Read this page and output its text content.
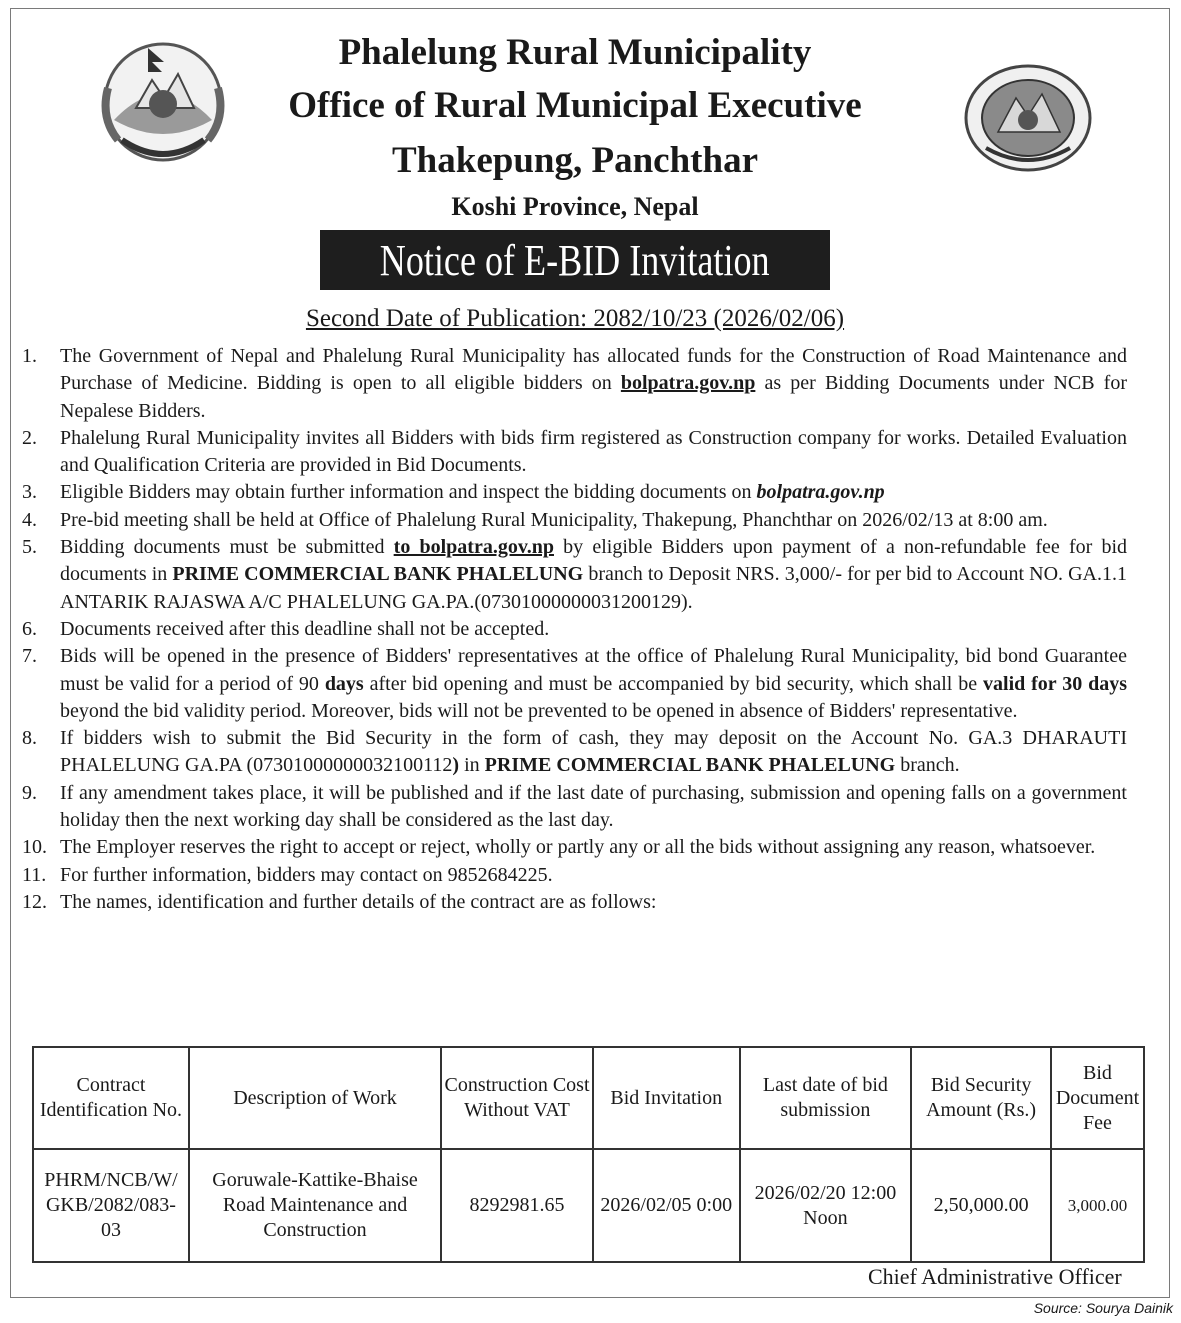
Phalelung Rural Municipality

Office of Rural Municipal Executive

Thakepung, Panchthar

Koshi Province, Nepal

Notice of E-BID Invitation
Second Date of Publication: 2082/10/23 (2026/02/06)
1. The Government of Nepal and Phalelung Rural Municipality has allocated funds for the Construction of Road Maintenance and Purchase of Medicine. Bidding is open to all eligible bidders on bolpatra.gov.np as per Bidding Documents under NCB for Nepalese Bidders.
2. Phalelung Rural Municipality invites all Bidders with bids firm registered as Construction company for works. Detailed Evaluation and Qualification Criteria are provided in Bid Documents.
3. Eligible Bidders may obtain further information and inspect the bidding documents on bolpatra.gov.np
4. Pre-bid meeting shall be held at Office of Phalelung Rural Municipality, Thakepung, Phanchthar on 2026/02/13 at 8:00 am.
5. Bidding documents must be submitted to bolpatra.gov.np by eligible Bidders upon payment of a non-refundable fee for bid documents in PRIME COMMERCIAL BANK PHALELUNG branch to Deposit NRS. 3,000/- for per bid to Account NO. GA.1.1 ANTARIK RAJASWA A/C PHALELUNG GA.PA.(07301000000031200129).
6. Documents received after this deadline shall not be accepted.
7. Bids will be opened in the presence of Bidders' representatives at the office of Phalelung Rural Municipality, bid bond Guarantee must be valid for a period of 90 days after bid opening and must be accompanied by bid security, which shall be valid for 30 days beyond the bid validity period. Moreover, bids will not be prevented to be opened in absence of Bidders' representative.
8. If bidders wish to submit the Bid Security in the form of cash, they may deposit on the Account No. GA.3 DHARAUTI PHALELUNG GA.PA (07301000000032100112) in PRIME COMMERCIAL BANK PHALELUNG branch.
9. If any amendment takes place, it will be published and if the last date of purchasing, submission and opening falls on a government holiday then the next working day shall be considered as the last day.
10. The Employer reserves the right to accept or reject, wholly or partly any or all the bids without assigning any reason, whatsoever.
11. For further information, bidders may contact on 9852684225.
12. The names, identification and further details of the contract are as follows:
Contract Identification No.	Description of Work	Construction Cost Without VAT	Bid Invitation	Last date of bid submission	Bid Security Amount (Rs.)	Bid Document Fee
PHRM/NCB/W/ GKB/2082/083- 03	Goruwale-Kattike-Bhaise Road Maintenance and Construction	8292981.65	2026/02/05 0:00	2026/02/20 12:00 Noon	2,50,000.00	3,000.00
Chief Administrative Officer
Source: Sourya Dainik
